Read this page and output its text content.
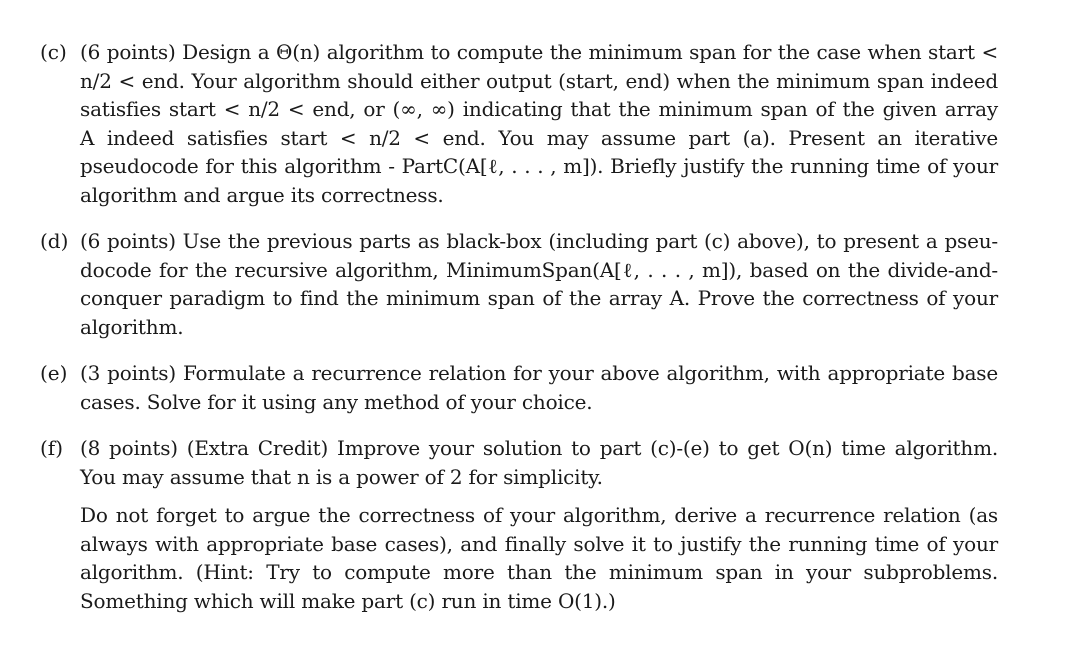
(c) (6 points) Design a Θ(n) algorithm to compute the minimum span for the case when start <
n/2 < end. Your algorithm should either output (start, end) when the minimum span indeed
satisfies start < n/2 < end, or (∞, ∞) indicating that the minimum span of the given array
A indeed satisfies start < n/2 < end. You may assume part (a). Present an iterative
pseudocode for this algorithm - PartC(A[ℓ, . . . , m]). Briefly justify the running time of your
algorithm and argue its correctness.
(d) (6 points) Use the previous parts as black-box (including part (c) above), to present a pseu-
docode for the recursive algorithm, MinimumSpan(A[ℓ, . . . , m]), based on the divide-and-
conquer paradigm to find the minimum span of the array A. Prove the correctness of your
algorithm.
(e) (3 points) Formulate a recurrence relation for your above algorithm, with appropriate base
cases. Solve for it using any method of your choice.
(f) (8 points) (Extra Credit) Improve your solution to part (c)-(e) to get O(n) time algorithm.
You may assume that n is a power of 2 for simplicity.
Do not forget to argue the correctness of your algorithm, derive a recurrence relation (as
always with appropriate base cases), and finally solve it to justify the running time of your
algorithm. (Hint: Try to compute more than the minimum span in your subproblems.
Something which will make part (c) run in time O(1).)
